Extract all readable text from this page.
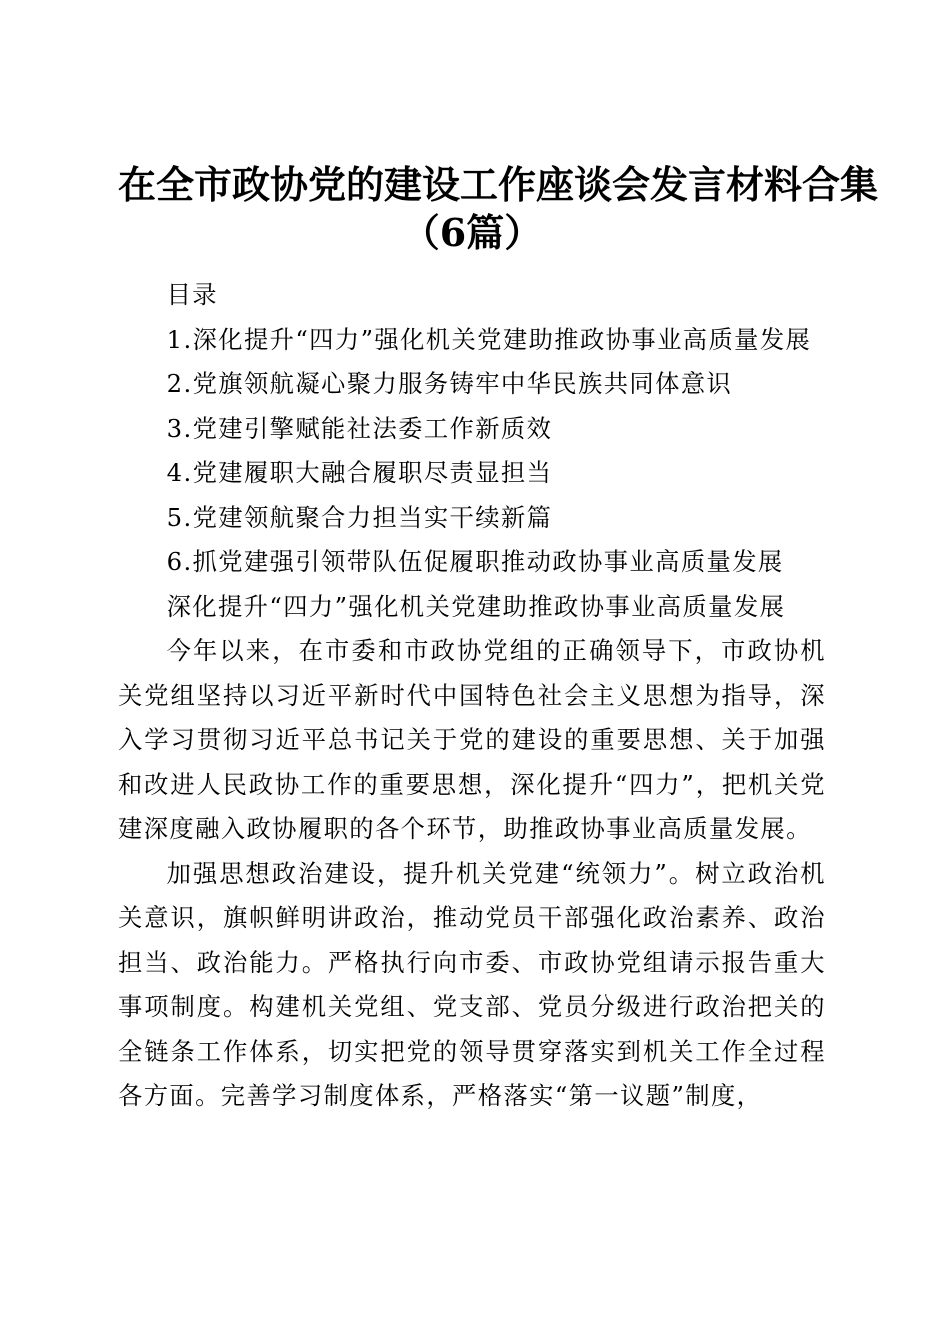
在全市政协党的建设工作座谈会发言材料合集
（6篇）

目录

1.深化提升“四力”强化机关党建助推政协事业高质量发展
2.党旗领航凝心聚力服务铸牢中华民族共同体意识
3.党建引擎赋能社法委工作新质效
4.党建履职大融合履职尽责显担当
5.党建领航聚合力担当实干续新篇
6.抓党建强引领带队伍促履职推动政协事业高质量发展

深化提升“四力”强化机关党建助推政协事业高质量发展

今年以来，在市委和市政协党组的正确领导下，市政协机关党组坚持以习近平新时代中国特色社会主义思想为指导，深入学习贯彻习近平总书记关于党的建设的重要思想、关于加强和改进人民政协工作的重要思想，深化提升“四力”，把机关党建深度融入政协履职的各个环节，助推政协事业高质量发展。

加强思想政治建设，提升机关党建“统领力”。树立政治机关意识，旗帜鲜明讲政治，推动党员干部强化政治素养、政治担当、政治能力。严格执行向市委、市政协党组请示报告重大事项制度。构建机关党组、党支部、党员分级进行政治把关的全链条工作体系，切实把党的领导贯穿落实到机关工作全过程各方面。完善学习制度体系，严格落实“第一议题”制度，
